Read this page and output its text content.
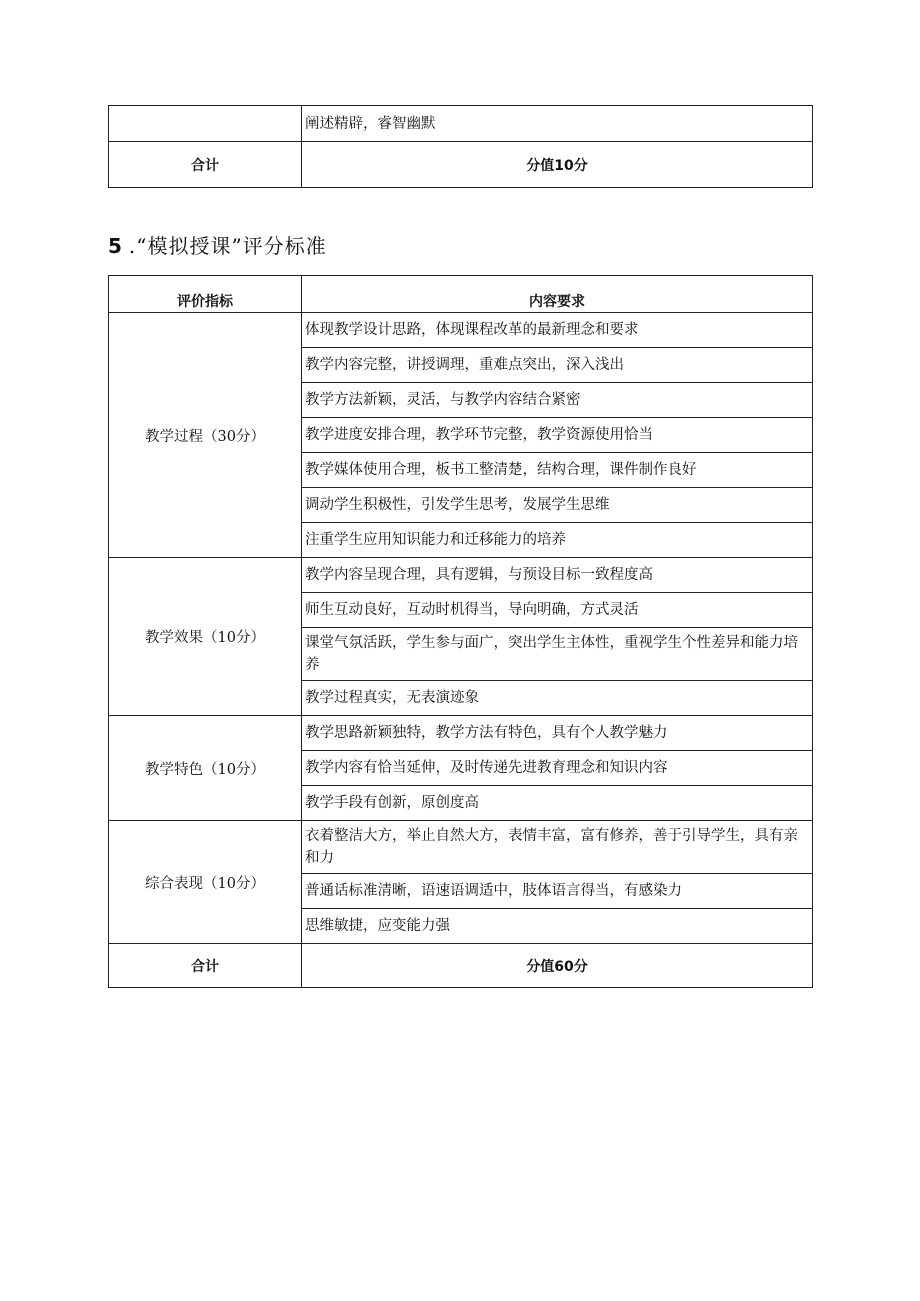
	阐述精辟，睿智幽默
合计	分值10分
5 .“模拟授课”评分标准
评价指标	内容要求
教学过程（30分）	体现教学设计思路，体现课程改革的最新理念和要求
	教学内容完整，讲授调理，重难点突出，深入浅出
	教学方法新颖，灵活，与教学内容结合紧密
	教学进度安排合理，教学环节完整，教学资源使用恰当
	教学媒体使用合理，板书工整清楚，结构合理，课件制作良好
	调动学生积极性，引发学生思考，发展学生思维
	注重学生应用知识能力和迁移能力的培养
教学效果（10分）	教学内容呈现合理，具有逻辑，与预设目标一致程度高
	师生互动良好，互动时机得当，导向明确，方式灵活
	课堂气氛活跃，学生参与面广，突出学生主体性，重视学生个性差异和能力培养
	教学过程真实，无表演迹象
教学特色（10分）	教学思路新颖独特，教学方法有特色，具有个人教学魅力
	教学内容有恰当延伸，及时传递先进教育理念和知识内容
	教学手段有创新，原创度高
综合表现（10分）	衣着整洁大方，举止自然大方，表情丰富，富有修养，善于引导学生，具有亲和力
	普通话标准清晰，语速语调适中，肢体语言得当，有感染力
	思维敏捷，应变能力强
合计	分值60分
